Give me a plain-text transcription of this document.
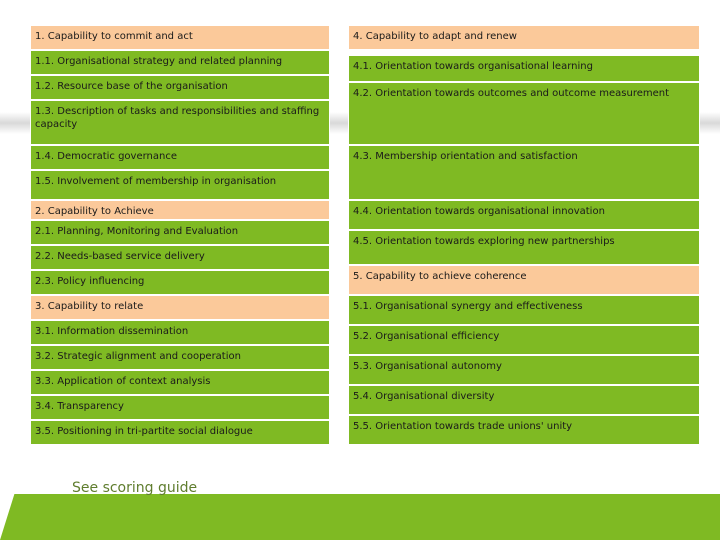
1. Capability to commit and act
1.1. Organisational strategy and related planning
1.2. Resource base of the organisation
1.3. Description of tasks and responsibilities and staffing capacity
1.4. Democratic governance
1.5. Involvement of membership in organisation
2. Capability to Achieve
2.1. Planning, Monitoring and Evaluation
2.2. Needs-based service delivery
2.3. Policy influencing
3. Capability to relate
3.1. Information dissemination
3.2. Strategic alignment and cooperation
3.3. Application of context analysis
3.4. Transparency
3.5. Positioning in tri-partite social dialogue
4. Capability to adapt and renew
4.1. Orientation towards organisational learning
4.2. Orientation towards outcomes and outcome measurement
4.3. Membership orientation and satisfaction
4.4. Orientation towards organisational innovation
4.5. Orientation towards exploring new partnerships
5. Capability to achieve coherence
5.1. Organisational synergy and effectiveness
5.2. Organisational efficiency
5.3. Organisational autonomy
5.4. Organisational diversity
5.5. Orientation towards trade unions' unity
See scoring guide
